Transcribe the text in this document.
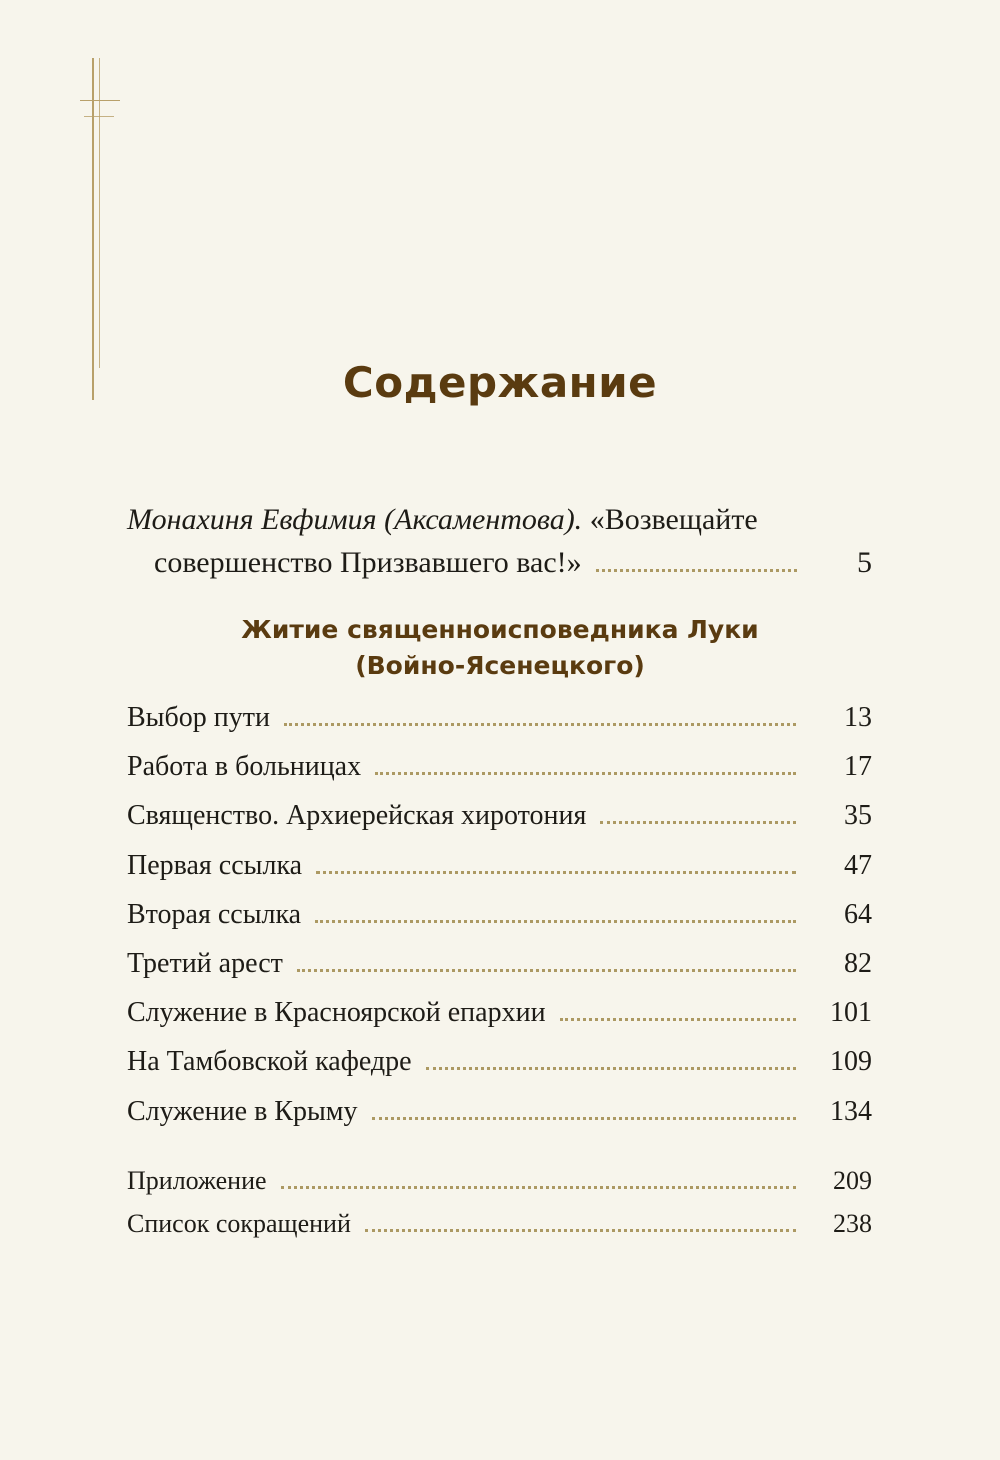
Содержание
Монахиня Евфимия (Аксаментова). «Возвещайте
совершенство Призвавшего вас!»	5
Житие священноисповедника Луки
(Войно-Ясенецкого)
Выбор пути	13
Работа в больницах	17
Священство. Архиерейская хиротония	35
Первая ссылка	47
Вторая ссылка	64
Третий арест	82
Служение в Красноярской епархии	101
На Тамбовской кафедре	109
Служение в Крыму	134
Приложение	209
Список сокращений	238
